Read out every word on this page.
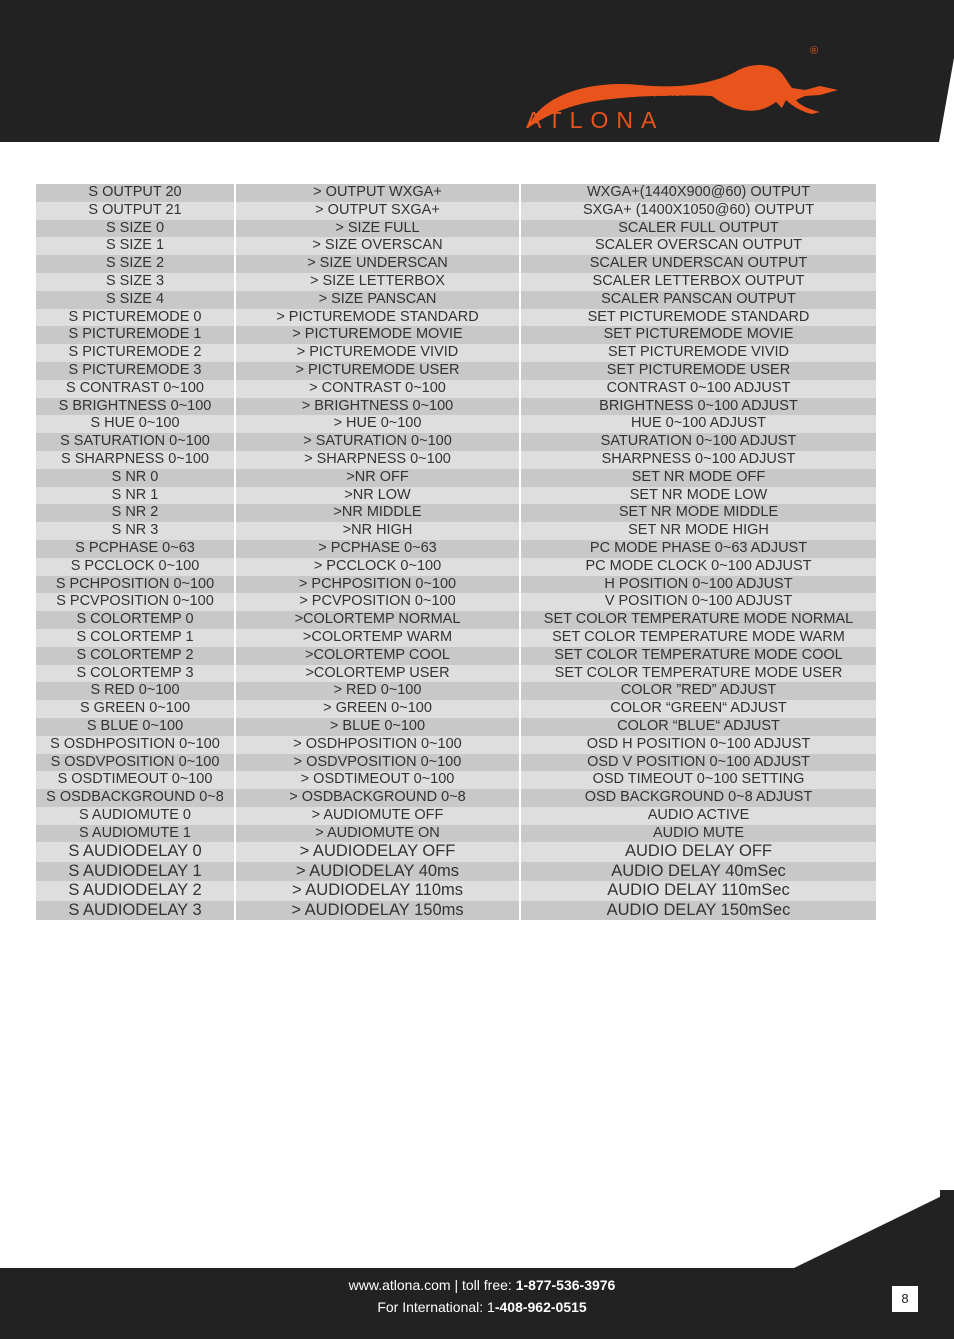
SIMPLE, EASY
ATLONA
®
S OUTPUT 20	> OUTPUT WXGA+	WXGA+(1440X900@60) OUTPUT
S OUTPUT 21	> OUTPUT SXGA+	SXGA+ (1400X1050@60) OUTPUT
S SIZE 0	> SIZE FULL	SCALER FULL OUTPUT
S SIZE 1	> SIZE OVERSCAN	SCALER OVERSCAN OUTPUT
S SIZE 2	> SIZE UNDERSCAN	SCALER UNDERSCAN OUTPUT
S SIZE 3	> SIZE LETTERBOX	SCALER LETTERBOX OUTPUT
S SIZE 4	> SIZE PANSCAN	SCALER PANSCAN OUTPUT
S PICTUREMODE 0	> PICTUREMODE STANDARD	SET PICTUREMODE STANDARD
S PICTUREMODE 1	> PICTUREMODE MOVIE	SET PICTUREMODE MOVIE
S PICTUREMODE 2	> PICTUREMODE VIVID	SET PICTUREMODE VIVID
S PICTUREMODE 3	> PICTUREMODE USER	SET PICTUREMODE USER
S CONTRAST 0~100	> CONTRAST 0~100	CONTRAST 0~100 ADJUST
S BRIGHTNESS 0~100	> BRIGHTNESS 0~100	BRIGHTNESS 0~100 ADJUST
S HUE 0~100	> HUE 0~100	HUE 0~100 ADJUST
S SATURATION 0~100	> SATURATION 0~100	SATURATION 0~100 ADJUST
S SHARPNESS 0~100	> SHARPNESS 0~100	SHARPNESS 0~100 ADJUST
S NR 0	>NR OFF	SET NR MODE OFF
S NR 1	>NR LOW	SET NR MODE LOW
S NR 2	>NR MIDDLE	SET NR MODE MIDDLE
S NR 3	>NR HIGH	SET NR MODE HIGH
S PCPHASE 0~63	> PCPHASE 0~63	PC MODE PHASE 0~63 ADJUST
S PCCLOCK 0~100	> PCCLOCK 0~100	PC MODE CLOCK 0~100 ADJUST
S PCHPOSITION 0~100	> PCHPOSITION 0~100	H POSITION 0~100 ADJUST
S PCVPOSITION 0~100	> PCVPOSITION 0~100	V POSITION 0~100 ADJUST
S COLORTEMP 0	>COLORTEMP NORMAL	SET COLOR TEMPERATURE MODE NORMAL
S COLORTEMP 1	>COLORTEMP WARM	SET COLOR TEMPERATURE MODE WARM
S COLORTEMP 2	>COLORTEMP COOL	SET COLOR TEMPERATURE MODE COOL
S COLORTEMP 3	>COLORTEMP USER	SET COLOR TEMPERATURE MODE USER
S RED 0~100	> RED 0~100	COLOR ”RED” ADJUST
S GREEN 0~100	> GREEN 0~100	COLOR “GREEN“ ADJUST
S BLUE 0~100	> BLUE 0~100	COLOR “BLUE“ ADJUST
S OSDHPOSITION 0~100	> OSDHPOSITION 0~100	OSD H POSITION 0~100 ADJUST
S OSDVPOSITION 0~100	> OSDVPOSITION 0~100	OSD V POSITION 0~100 ADJUST
S OSDTIMEOUT 0~100	> OSDTIMEOUT 0~100	OSD TIMEOUT 0~100 SETTING
S OSDBACKGROUND 0~8	> OSDBACKGROUND 0~8	OSD BACKGROUND 0~8 ADJUST
S AUDIOMUTE 0	> AUDIOMUTE OFF	AUDIO ACTIVE
S AUDIOMUTE 1	> AUDIOMUTE ON	AUDIO MUTE
S AUDIODELAY 0	> AUDIODELAY OFF	AUDIO DELAY OFF
S AUDIODELAY 1	> AUDIODELAY 40ms	AUDIO DELAY 40mSec
S AUDIODELAY 2	> AUDIODELAY 110ms	AUDIO DELAY 110mSec
S AUDIODELAY 3	> AUDIODELAY 150ms	AUDIO DELAY 150mSec
www.atlona.com | toll free: 1-877-536-3976
For International: 1-408-962-0515
8
